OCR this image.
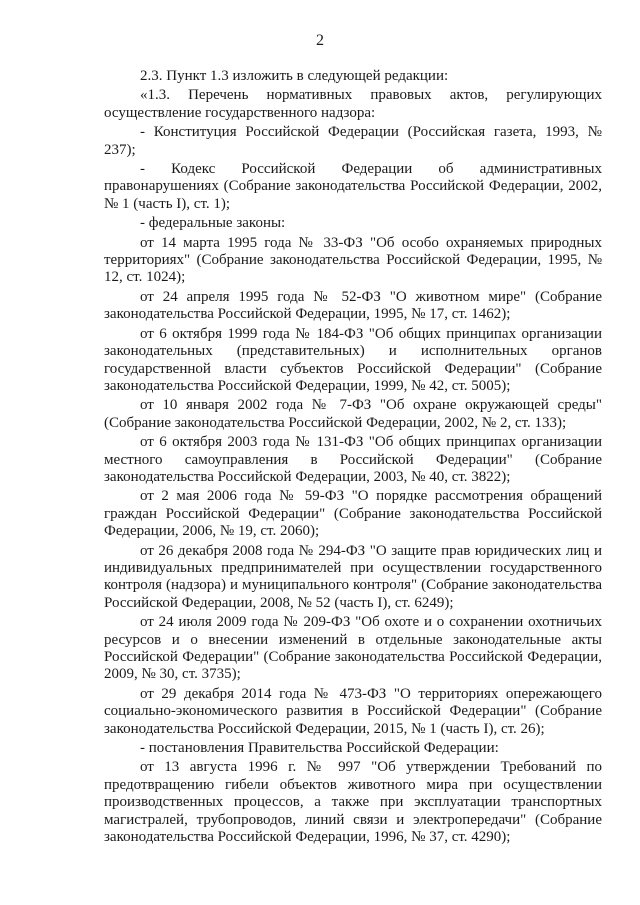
2

2.3. Пункт 1.3 изложить в следующей редакции:

«1.3. Перечень нормативных правовых актов, регулирующих осуществление государственного надзора:

- Конституция Российской Федерации (Российская газета, 1993, № 237);

- Кодекс Российской Федерации об административных правонарушениях (Собрание законодательства Российской Федерации, 2002, № 1 (часть I), ст. 1);

- федеральные законы:

от 14 марта 1995 года № 33-ФЗ "Об особо охраняемых природных территориях" (Собрание законодательства Российской Федерации, 1995, № 12, ст. 1024);

от 24 апреля 1995 года № 52-ФЗ "О животном мире" (Собрание законодательства Российской Федерации, 1995, № 17, ст. 1462);

от 6 октября 1999 года № 184-ФЗ "Об общих принципах организации законодательных (представительных) и исполнительных органов государственной власти субъектов Российской Федерации" (Собрание законодательства Российской Федерации, 1999, № 42, ст. 5005);

от 10 января 2002 года № 7-ФЗ "Об охране окружающей среды" (Собрание законодательства Российской Федерации, 2002, № 2, ст. 133);

от 6 октября 2003 года № 131-ФЗ "Об общих принципах организации местного самоуправления в Российской Федерации" (Собрание законодательства Российской Федерации, 2003, № 40, ст. 3822);

от 2 мая 2006 года № 59-ФЗ "О порядке рассмотрения обращений граждан Российской Федерации" (Собрание законодательства Российской Федерации, 2006, № 19, ст. 2060);

от 26 декабря 2008 года № 294-ФЗ "О защите прав юридических лиц и индивидуальных предпринимателей при осуществлении государственного контроля (надзора) и муниципального контроля" (Собрание законодательства Российской Федерации, 2008, № 52 (часть I), ст. 6249);

от 24 июля 2009 года № 209-ФЗ "Об охоте и о сохранении охотничьих ресурсов и о внесении изменений в отдельные законодательные акты Российской Федерации" (Собрание законодательства Российской Федерации, 2009, № 30, ст. 3735);

от 29 декабря 2014 года № 473-ФЗ "О территориях опережающего социально-экономического развития в Российской Федерации" (Собрание законодательства Российской Федерации, 2015, № 1 (часть I), ст. 26);

- постановления Правительства Российской Федерации:

от 13 августа 1996 г. № 997 "Об утверждении Требований по предотвращению гибели объектов животного мира при осуществлении производственных процессов, а также при эксплуатации транспортных магистралей, трубопроводов, линий связи и электропередачи" (Собрание законодательства Российской Федерации, 1996, № 37, ст. 4290);
